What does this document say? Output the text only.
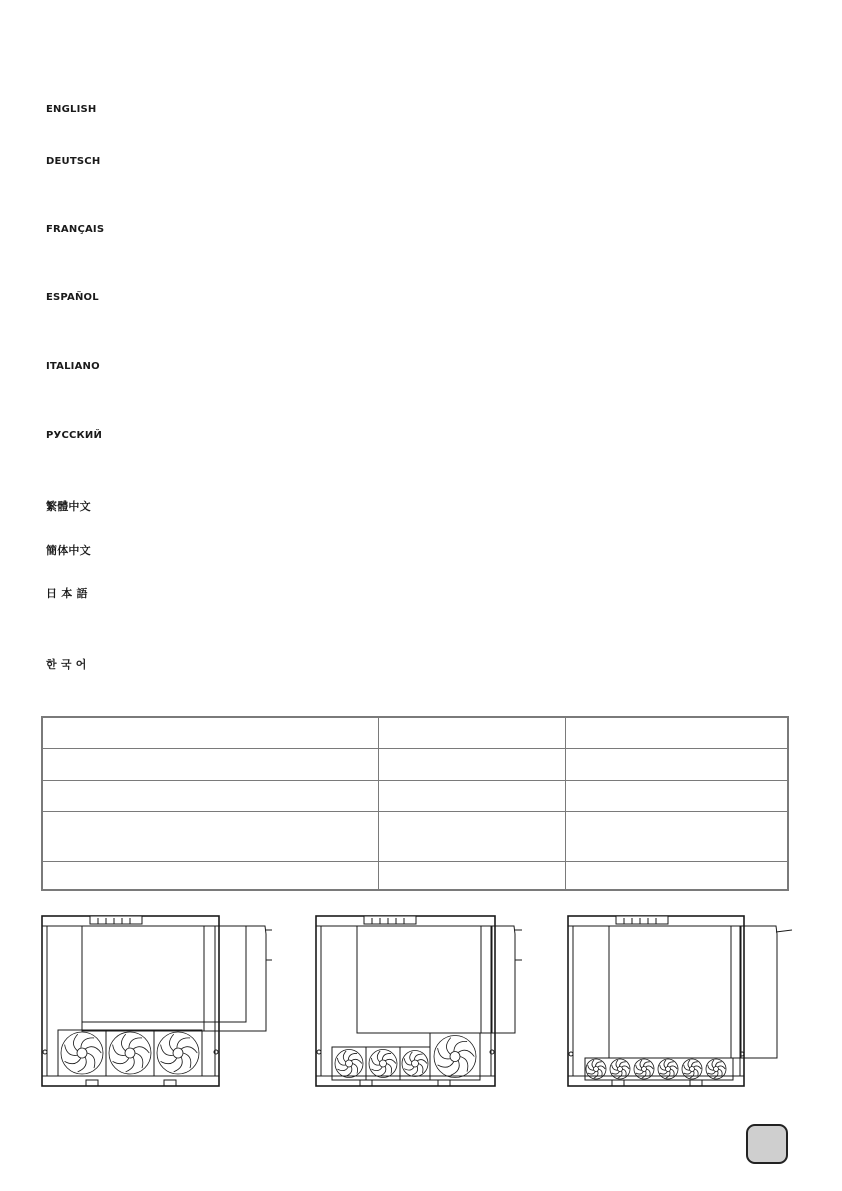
ENGLISH
DEUTSCH
FRANÇAIS
ESPAÑOL
ITALIANO
РУССКИЙ
繁體中文
簡体中文
日 本 語
한 국 어
